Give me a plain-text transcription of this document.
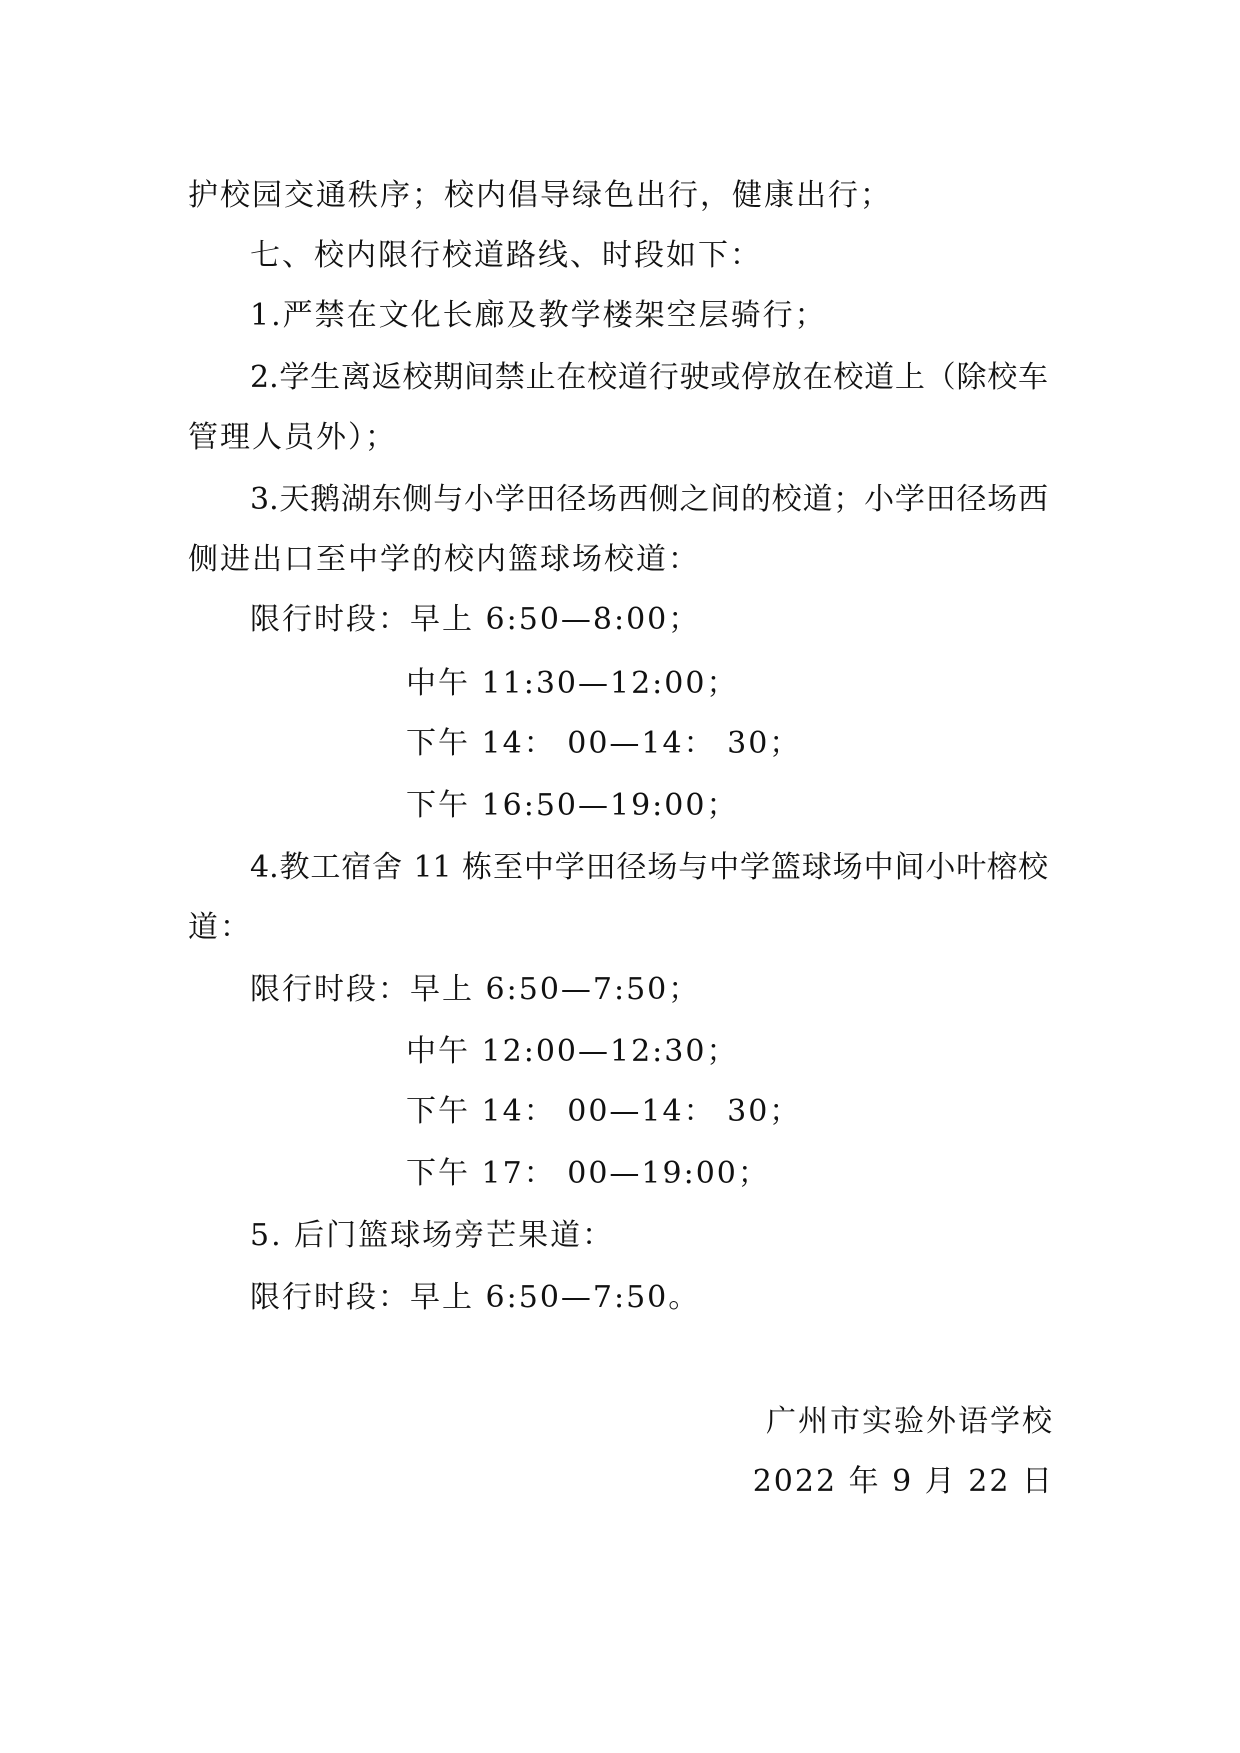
护校园交通秩序；校内倡导绿色出行，健康出行；

七、校内限行校道路线、时段如下：

1.严禁在文化长廊及教学楼架空层骑行；

2.学生离返校期间禁止在校道行驶或停放在校道上（除校车

管理人员外）；

3.天鹅湖东侧与小学田径场西侧之间的校道；小学田径场西

侧进出口至中学的校内篮球场校道：

限行时段：早上 6:50—8:00；

中午 11:30—12:00；

下午 14： 00—14： 30；

下午 16:50—19:00；

4.教工宿舍 11 栋至中学田径场与中学篮球场中间小叶榕校

道：

限行时段：早上 6:50—7:50；

中午 12:00—12:30；

下午 14： 00—14： 30；

下午 17： 00—19:00；

5. 后门篮球场旁芒果道：

限行时段：早上 6:50—7:50。

广州市实验外语学校

2022 年 9 月 22 日
